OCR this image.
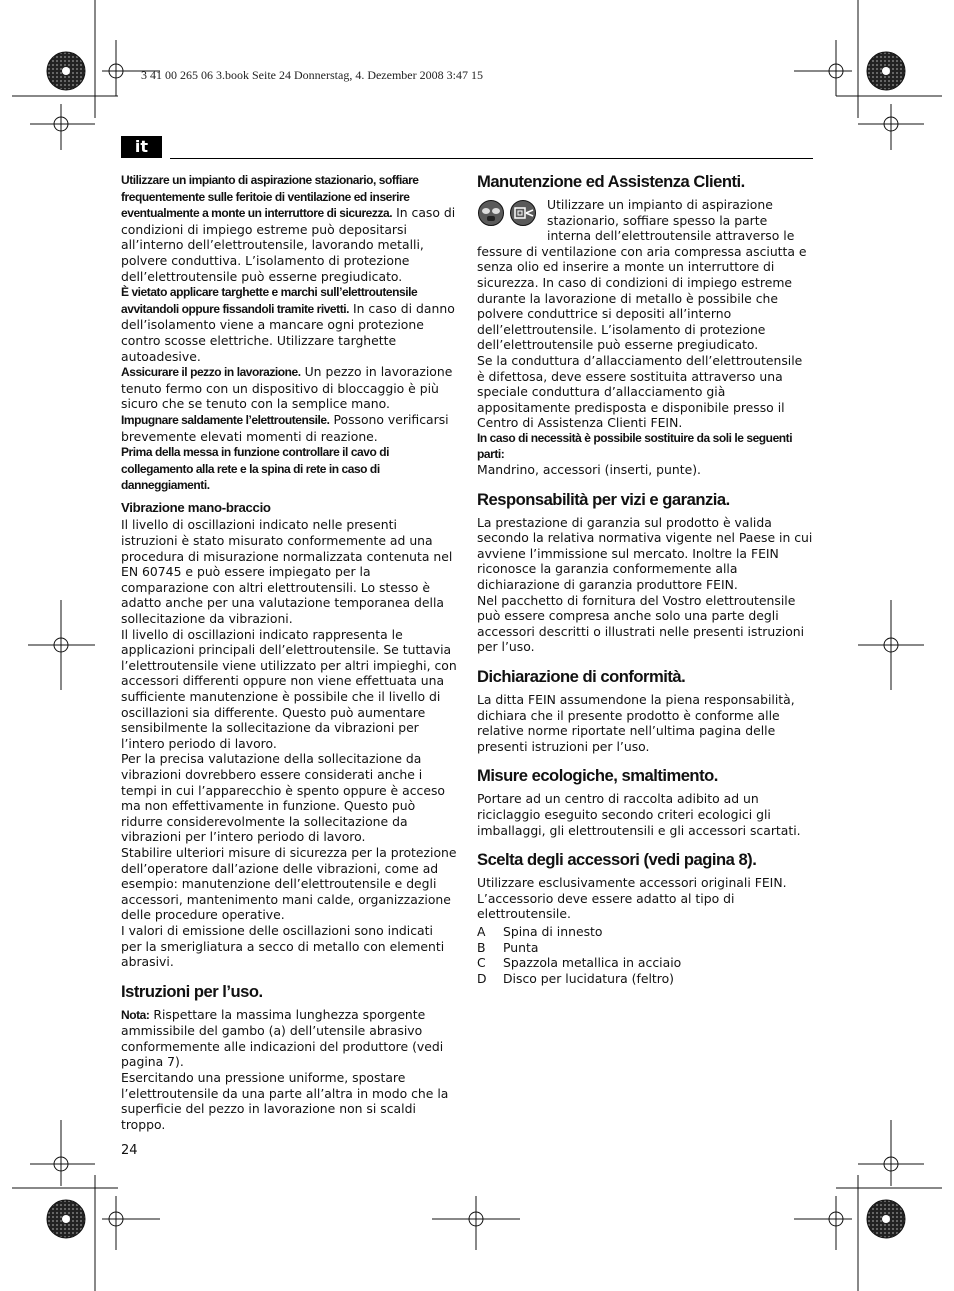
3 41 00 265 06 3.book Seite 24 Donnerstag, 4. Dezember 2008 3:47 15
it

Utilizzare un impianto di aspirazione stazionario, soffiare frequentemente sulle feritoie di ventilazione ed inserire eventualmente a monte un interruttore di sicurezza. In caso di condizioni di impiego estreme può depositarsi all’interno dell’elettroutensile, lavorando metalli, polvere conduttiva. L’isolamento di protezione dell’elettroutensile può esserne pregiudicato.

È vietato applicare targhette e marchi sull’elettroutensile avvitandoli oppure fissandoli tramite rivetti. In caso di danno dell’isolamento viene a mancare ogni protezione contro scosse elettriche. Utilizzare targhette autoadesive.

Assicurare il pezzo in lavorazione. Un pezzo in lavorazione tenuto fermo con un dispositivo di bloccaggio è più sicuro che se tenuto con la semplice mano.

Impugnare saldamente l’elettroutensile. Possono verificarsi brevemente elevati momenti di reazione.

Prima della messa in funzione controllare il cavo di collegamento alla rete e la spina di rete in caso di danneggiamenti.

Vibrazione mano-braccio

Il livello di oscillazioni indicato nelle presenti istruzioni è stato misurato conformemente ad una procedura di misurazione normalizzata contenuta nel EN 60745 e può essere impiegato per la comparazione con altri elettroutensili. Lo stesso è adatto anche per una valutazione temporanea della sollecitazione da vibrazioni.

Il livello di oscillazioni indicato rappresenta le applicazioni principali dell’elettroutensile. Se tuttavia l’elettroutensile viene utilizzato per altri impieghi, con accessori differenti oppure non viene effettuata una sufficiente manutenzione è possibile che il livello di oscillazioni sia differente. Questo può aumentare sensibilmente la sollecitazione da vibrazioni per l’intero periodo di lavoro.

Per la precisa valutazione della sollecitazione da vibrazioni dovrebbero essere considerati anche i tempi in cui l’apparecchio è spento oppure è acceso ma non effettivamente in funzione. Questo può ridurre considerevolmente la sollecitazione da vibrazioni per l’intero periodo di lavoro.

Stabilire ulteriori misure di sicurezza per la protezione dell’operatore dall’azione delle vibrazioni, come ad esempio: manutenzione dell’elettroutensile e degli accessori, mantenimento mani calde, organizzazione delle procedure operative.

I valori di emissione delle oscillazioni sono indicati per la smerigliatura a secco di metallo con elementi abrasivi.

Istruzioni per l’uso.

Nota: Rispettare la massima lunghezza sporgente ammissibile del gambo (a) dell’utensile abrasivo conformemente alle indicazioni del produttore (vedi pagina 7).

Esercitando una pressione uniforme, spostare l’elettroutensile da una parte all’altra in modo che la superficie del pezzo in lavorazione non si scaldi troppo.

Manutenzione ed Assistenza Clienti.

Utilizzare un impianto di aspirazione stazionario, soffiare spesso la parte interna dell’elettroutensile attraverso le fessure di ventilazione con aria compressa asciutta e senza olio ed inserire a monte un interruttore di sicurezza. In caso di condizioni di impiego estreme durante la lavorazione di metallo è possibile che polvere conduttrice si depositi all’interno dell’elettroutensile. L’isolamento di protezione dell’elettroutensile può esserne pregiudicato.

Se la conduttura d’allacciamento dell’elettroutensile è difettosa, deve essere sostituita attraverso una speciale conduttura d’allacciamento già appositamente predisposta e disponibile presso il Centro di Assistenza Clienti FEIN.

In caso di necessità è possibile sostituire da soli le seguenti parti:

Mandrino, accessori (inserti, punte).

Responsabilità per vizi e garanzia.

La prestazione di garanzia sul prodotto è valida secondo la relativa normativa vigente nel Paese in cui avviene l’immissione sul mercato. Inoltre la FEIN riconosce la garanzia conformemente alla dichiarazione di garanzia produttore FEIN.

Nel pacchetto di fornitura del Vostro elettroutensile può essere compresa anche solo una parte degli accessori descritti o illustrati nelle presenti istruzioni per l’uso.

Dichiarazione di conformità.

La ditta FEIN assumendone la piena responsabilità, dichiara che il presente prodotto è conforme alle relative norme riportate nell’ultima pagina delle presenti istruzioni per l’uso.

Misure ecologiche, smaltimento.

Portare ad un centro di raccolta adibito ad un riciclaggio eseguito secondo criteri ecologici gli imballaggi, gli elettroutensili e gli accessori scartati.

Scelta degli accessori (vedi pagina 8).

Utilizzare esclusivamente accessori originali FEIN.

L’accessorio deve essere adatto al tipo di elettroutensile.

A	Spina di innesto
B	Punta
C	Spazzola metallica in acciaio
D	Disco per lucidatura (feltro)
24
